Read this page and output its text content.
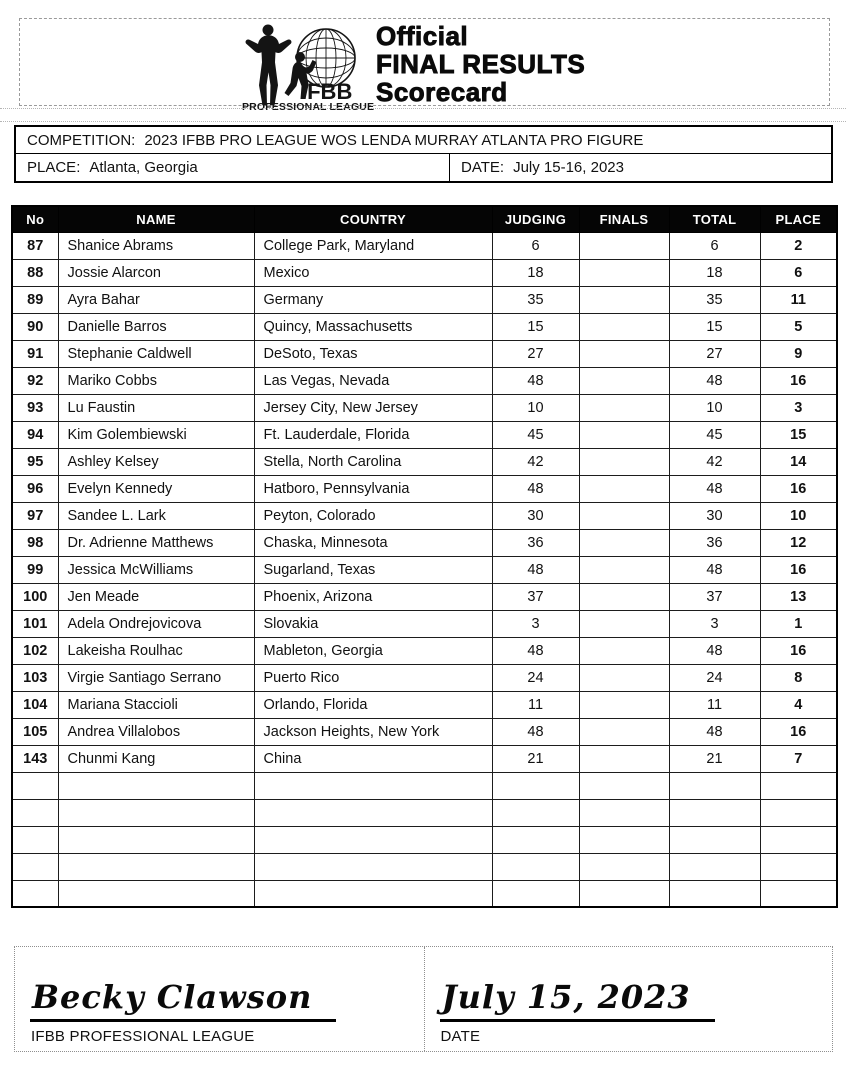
IFBB
PROFESSIONAL LEAGUE
Official
FINAL RESULTS
Scorecard
COMPETITION: 2023 IFBB PRO LEAGUE WOS LENDA MURRAY ATLANTA PRO FIGURE
PLACE: Atlanta, Georgia	DATE: July 15-16, 2023
No	NAME	COUNTRY	JUDGING	FINALS	TOTAL	PLACE
87	Shanice Abrams	College Park, Maryland	6		6	2
88	Jossie Alarcon	Mexico	18		18	6
89	Ayra Bahar	Germany	35		35	11
90	Danielle Barros	Quincy, Massachusetts	15		15	5
91	Stephanie Caldwell	DeSoto, Texas	27		27	9
92	Mariko Cobbs	Las Vegas, Nevada	48		48	16
93	Lu Faustin	Jersey City, New Jersey	10		10	3
94	Kim Golembiewski	Ft. Lauderdale, Florida	45		45	15
95	Ashley Kelsey	Stella, North Carolina	42		42	14
96	Evelyn Kennedy	Hatboro, Pennsylvania	48		48	16
97	Sandee L. Lark	Peyton, Colorado	30		30	10
98	Dr. Adrienne Matthews	Chaska, Minnesota	36		36	12
99	Jessica McWilliams	Sugarland, Texas	48		48	16
100	Jen Meade	Phoenix, Arizona	37		37	13
101	Adela Ondrejovicova	Slovakia	3		3	1
102	Lakeisha Roulhac	Mableton, Georgia	48		48	16
103	Virgie Santiago Serrano	Puerto Rico	24		24	8
104	Mariana Staccioli	Orlando, Florida	11		11	4
105	Andrea Villalobos	Jackson Heights, New York	48		48	16
143	Chunmi Kang	China	21		21	7

Becky Clawson
IFBB PROFESSIONAL LEAGUE
July 15, 2023
DATE
